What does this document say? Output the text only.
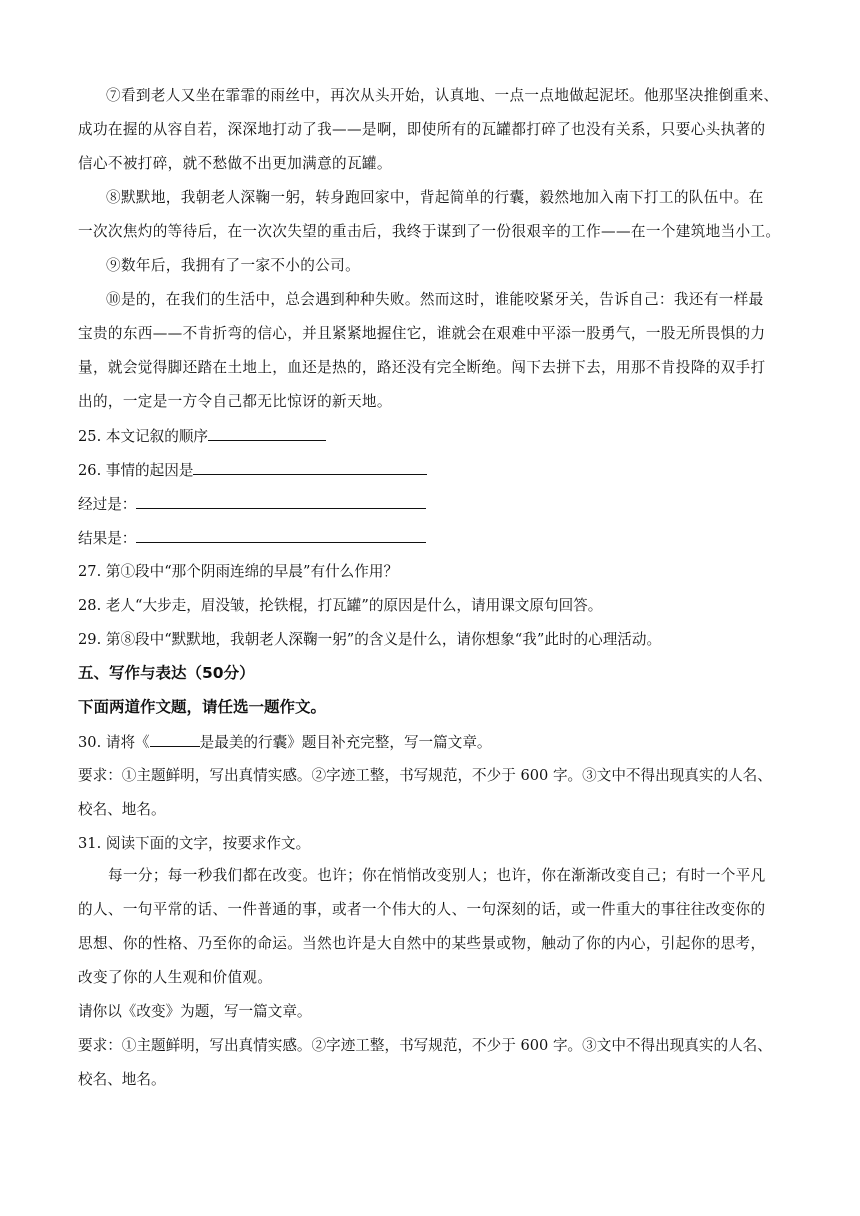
⑦看到老人又坐在霏霏的雨丝中，再次从头开始，认真地、一点一点地做起泥坯。他那坚决推倒重来、
成功在握的从容自若，深深地打动了我——是啊，即使所有的瓦罐都打碎了也没有关系，只要心头执著的
信心不被打碎，就不愁做不出更加满意的瓦罐。
⑧默默地，我朝老人深鞠一躬，转身跑回家中，背起简单的行囊，毅然地加入南下打工的队伍中。在
一次次焦灼的等待后，在一次次失望的重击后，我终于谋到了一份很艰辛的工作——在一个建筑地当小工。
⑨数年后，我拥有了一家不小的公司。
⑩是的，在我们的生活中，总会遇到种种失败。然而这时，谁能咬紧牙关，告诉自己：我还有一样最
宝贵的东西——不肯折弯的信心，并且紧紧地握住它，谁就会在艰难中平添一股勇气，一股无所畏惧的力
量，就会觉得脚还踏在土地上，血还是热的，路还没有完全断绝。闯下去拼下去，用那不肯投降的双手打
出的，一定是一方令自己都无比惊讶的新天地。
25. 本文记叙的顺序
26. 事情的起因是
经过是：
结果是：
27. 第①段中“那个阴雨连绵的早晨”有什么作用？
28. 老人“大步走，眉没皱，抡铁棍，打瓦罐”的原因是什么，请用课文原句回答。
29. 第⑧段中“默默地，我朝老人深鞠一躬”的含义是什么，请你想象“我”此时的心理活动。
五、写作与表达（50分）
下面两道作文题，请任选一题作文。
30. 请将《	是最美的行囊》题目补充完整，写一篇文章。
要求：①主题鲜明，写出真情实感。②字迹工整，书写规范，不少于 600 字。③文中不得出现真实的人名、
校名、地名。
31. 阅读下面的文字，按要求作文。
每一分；每一秒我们都在改变。也许；你在悄悄改变别人；也许，你在渐渐改变自己；有时一个平凡
的人、一句平常的话、一件普通的事，或者一个伟大的人、一句深刻的话，或一件重大的事往往改变你的
思想、你的性格、乃至你的命运。当然也许是大自然中的某些景或物，触动了你的内心，引起你的思考，
改变了你的人生观和价值观。
请你以《改变》为题，写一篇文章。
要求：①主题鲜明，写出真情实感。②字迹工整，书写规范，不少于 600 字。③文中不得出现真实的人名、
校名、地名。
